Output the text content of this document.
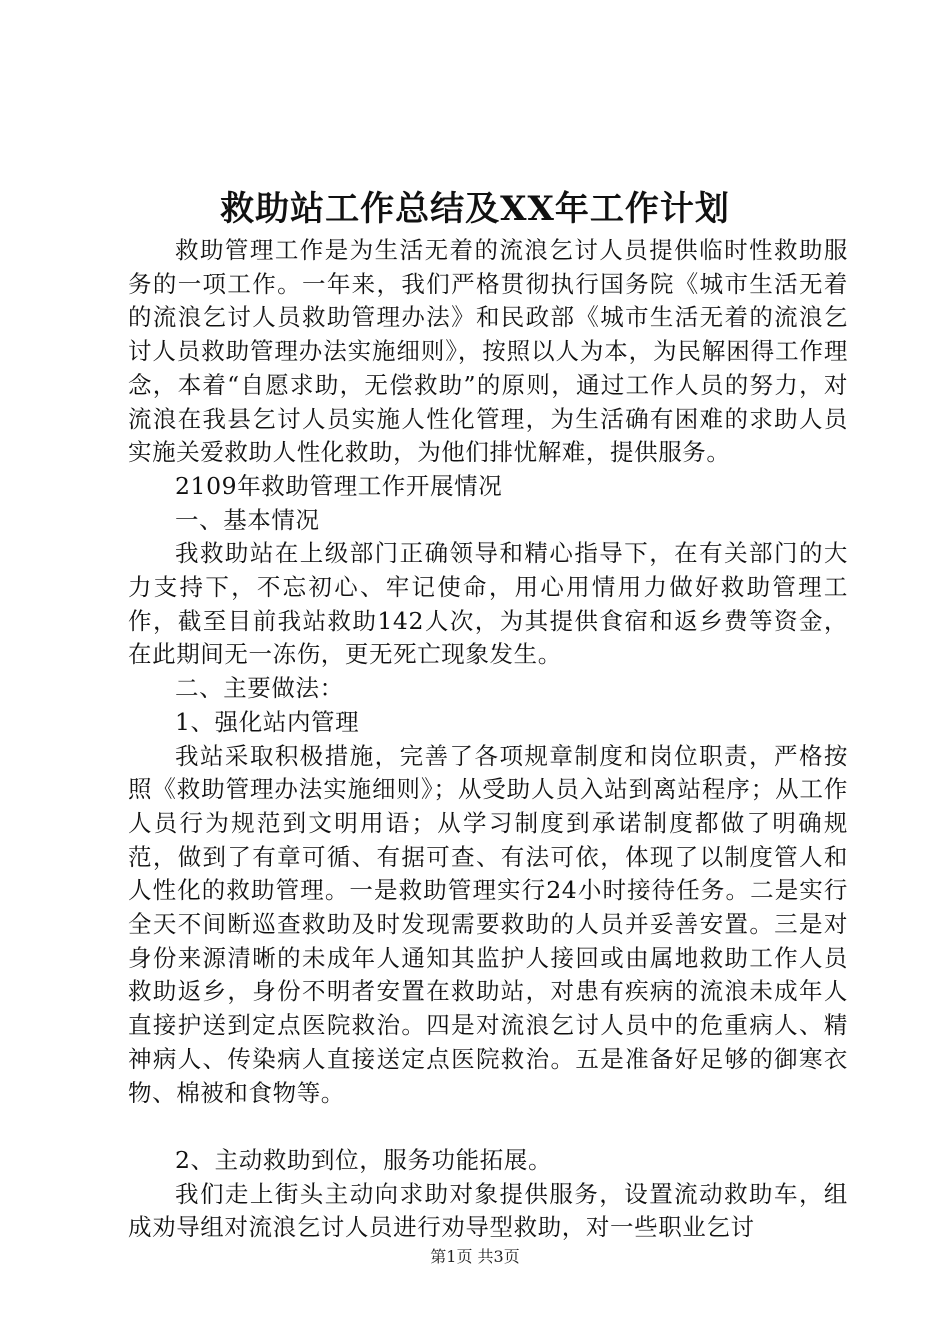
救助站工作总结及XX年工作计划

救助管理工作是为生活无着的流浪乞讨人员提供临时性救助服务的一项工作。一年来，我们严格贯彻执行国务院《城市生活无着的流浪乞讨人员救助管理办法》和民政部《城市生活无着的流浪乞讨人员救助管理办法实施细则》，按照以人为本，为民解困得工作理念，本着“自愿求助，无偿救助”的原则，通过工作人员的努力，对流浪在我县乞讨人员实施人性化管理，为生活确有困难的求助人员实施关爱救助人性化救助，为他们排忧解难，提供服务。

2109年救助管理工作开展情况

一、基本情况

我救助站在上级部门正确领导和精心指导下，在有关部门的大力支持下，不忘初心、牢记使命，用心用情用力做好救助管理工作，截至目前我站救助142人次，为其提供食宿和返乡费等资金，在此期间无一冻伤，更无死亡现象发生。

二、主要做法：

1、强化站内管理

我站采取积极措施，完善了各项规章制度和岗位职责，严格按照《救助管理办法实施细则》；从受助人员入站到离站程序；从工作人员行为规范到文明用语；从学习制度到承诺制度都做了明确规范，做到了有章可循、有据可查、有法可依，体现了以制度管人和人性化的救助管理。一是救助管理实行24小时接待任务。二是实行全天不间断巡查救助及时发现需要救助的人员并妥善安置。三是对身份来源清晰的未成年人通知其监护人接回或由属地救助工作人员救助返乡，身份不明者安置在救助站，对患有疾病的流浪未成年人直接护送到定点医院救治。四是对流浪乞讨人员中的危重病人、精神病人、传染病人直接送定点医院救治。五是准备好足够的御寒衣物、棉被和食物等。

2、主动救助到位，服务功能拓展。

我们走上街头主动向求助对象提供服务，设置流动救助车，组成劝导组对流浪乞讨人员进行劝导型救助，对一些职业乞讨

第1页 共3页
